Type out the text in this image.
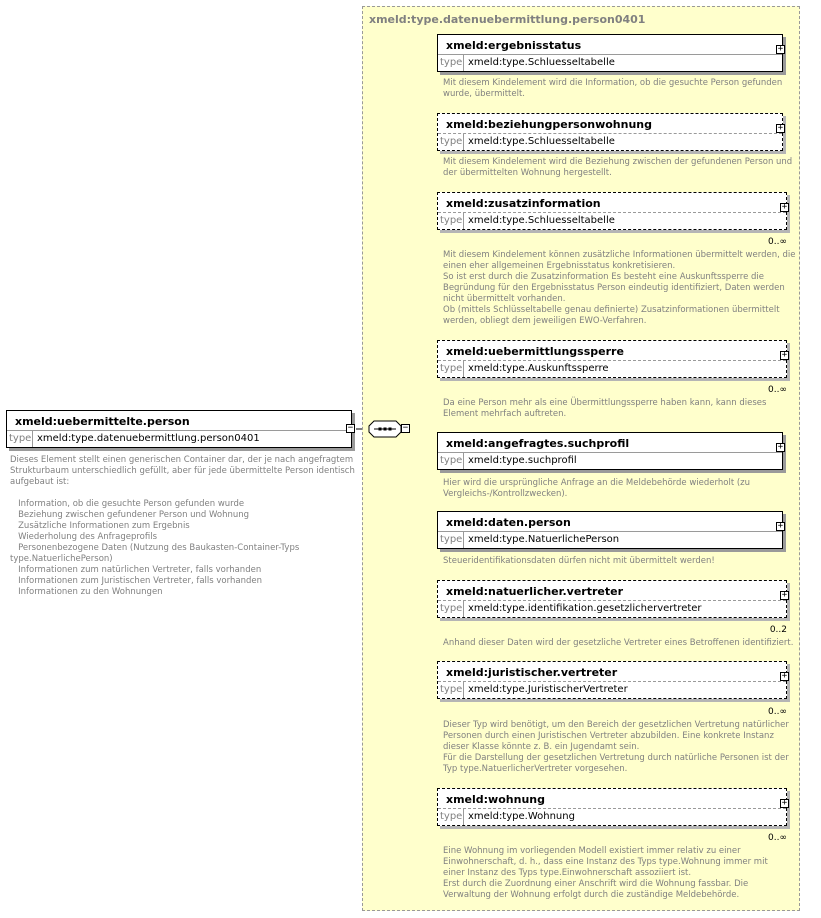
xmeld:type.datenuebermittlung.person0401
xmeld:uebermittelte.person
type xmeld:type.datenuebermittlung.person0401
−
Dieses Element stellt einen generischen Container dar, der je nach angefragtem
Strukturbaum unterschiedlich gefüllt, aber für jede übermittelte Person identisch
aufgebaut ist:

Information, ob die gesuchte Person gefunden wurde
Beziehung zwischen gefundener Person und Wohnung
Zusätzliche Informationen zum Ergebnis
Wiederholung des Anfrageprofils
Personenbezogene Daten (Nutzung des Baukasten-Container-Typs
type.NatuerlichePerson)
Informationen zum natürlichen Vertreter, falls vorhanden
Informationen zum Juristischen Vertreter, falls vorhanden
Informationen zu den Wohnungen
−
xmeld:ergebnisstatus
type xmeld:type.Schluesseltabelle
+
Mit diesem Kindelement wird die Information, ob die gesuchte Person gefunden
wurde, übermittelt.
xmeld:beziehungpersonwohnung
type xmeld:type.Schluesseltabelle
+
Mit diesem Kindelement wird die Beziehung zwischen der gefundenen Person und
der übermittelten Wohnung hergestellt.
xmeld:zusatzinformation
type xmeld:type.Schluesseltabelle
+
0..∞
Mit diesem Kindelement können zusätzliche Informationen übermittelt werden, die
einen eher allgemeinen Ergebnisstatus konkretisieren.
So ist erst durch die Zusatzinformation Es besteht eine Auskunftssperre die
Begründung für den Ergebnisstatus Person eindeutig identifiziert, Daten werden
nicht übermittelt vorhanden.
Ob (mittels Schlüsseltabelle genau definierte) Zusatzinformationen übermittelt
werden, obliegt dem jeweiligen EWO-Verfahren.
xmeld:uebermittlungssperre
type xmeld:type.Auskunftssperre
+
0..∞
Da eine Person mehr als eine Übermittlungssperre haben kann, kann dieses
Element mehrfach auftreten.
xmeld:angefragtes.suchprofil
type xmeld:type.suchprofil
+
Hier wird die ursprüngliche Anfrage an die Meldebehörde wiederholt (zu
Vergleichs-/Kontrollzwecken).
xmeld:daten.person
type xmeld:type.NatuerlichePerson
+
Steueridentifikationsdaten dürfen nicht mit übermittelt werden!
xmeld:natuerlicher.vertreter
type xmeld:type.identifikation.gesetzlichervertreter
+
0..2
Anhand dieser Daten wird der gesetzliche Vertreter eines Betroffenen identifiziert.
xmeld:juristischer.vertreter
type xmeld:type.JuristischerVertreter
+
0..∞
Dieser Typ wird benötigt, um den Bereich der gesetzlichen Vertretung natürlicher
Personen durch einen Juristischen Vertreter abzubilden. Eine konkrete Instanz
dieser Klasse könnte z. B. ein Jugendamt sein.
Für die Darstellung der gesetzlichen Vertretung durch natürliche Personen ist der
Typ type.NatuerlicherVertreter vorgesehen.
xmeld:wohnung
type xmeld:type.Wohnung
+
0..∞
Eine Wohnung im vorliegenden Modell existiert immer relativ zu einer
Einwohnerschaft, d. h., dass eine Instanz des Typs type.Wohnung immer mit
einer Instanz des Typs type.Einwohnerschaft assoziiert ist.
Erst durch die Zuordnung einer Anschrift wird die Wohnung fassbar. Die
Verwaltung der Wohnung erfolgt durch die zuständige Meldebehörde.
